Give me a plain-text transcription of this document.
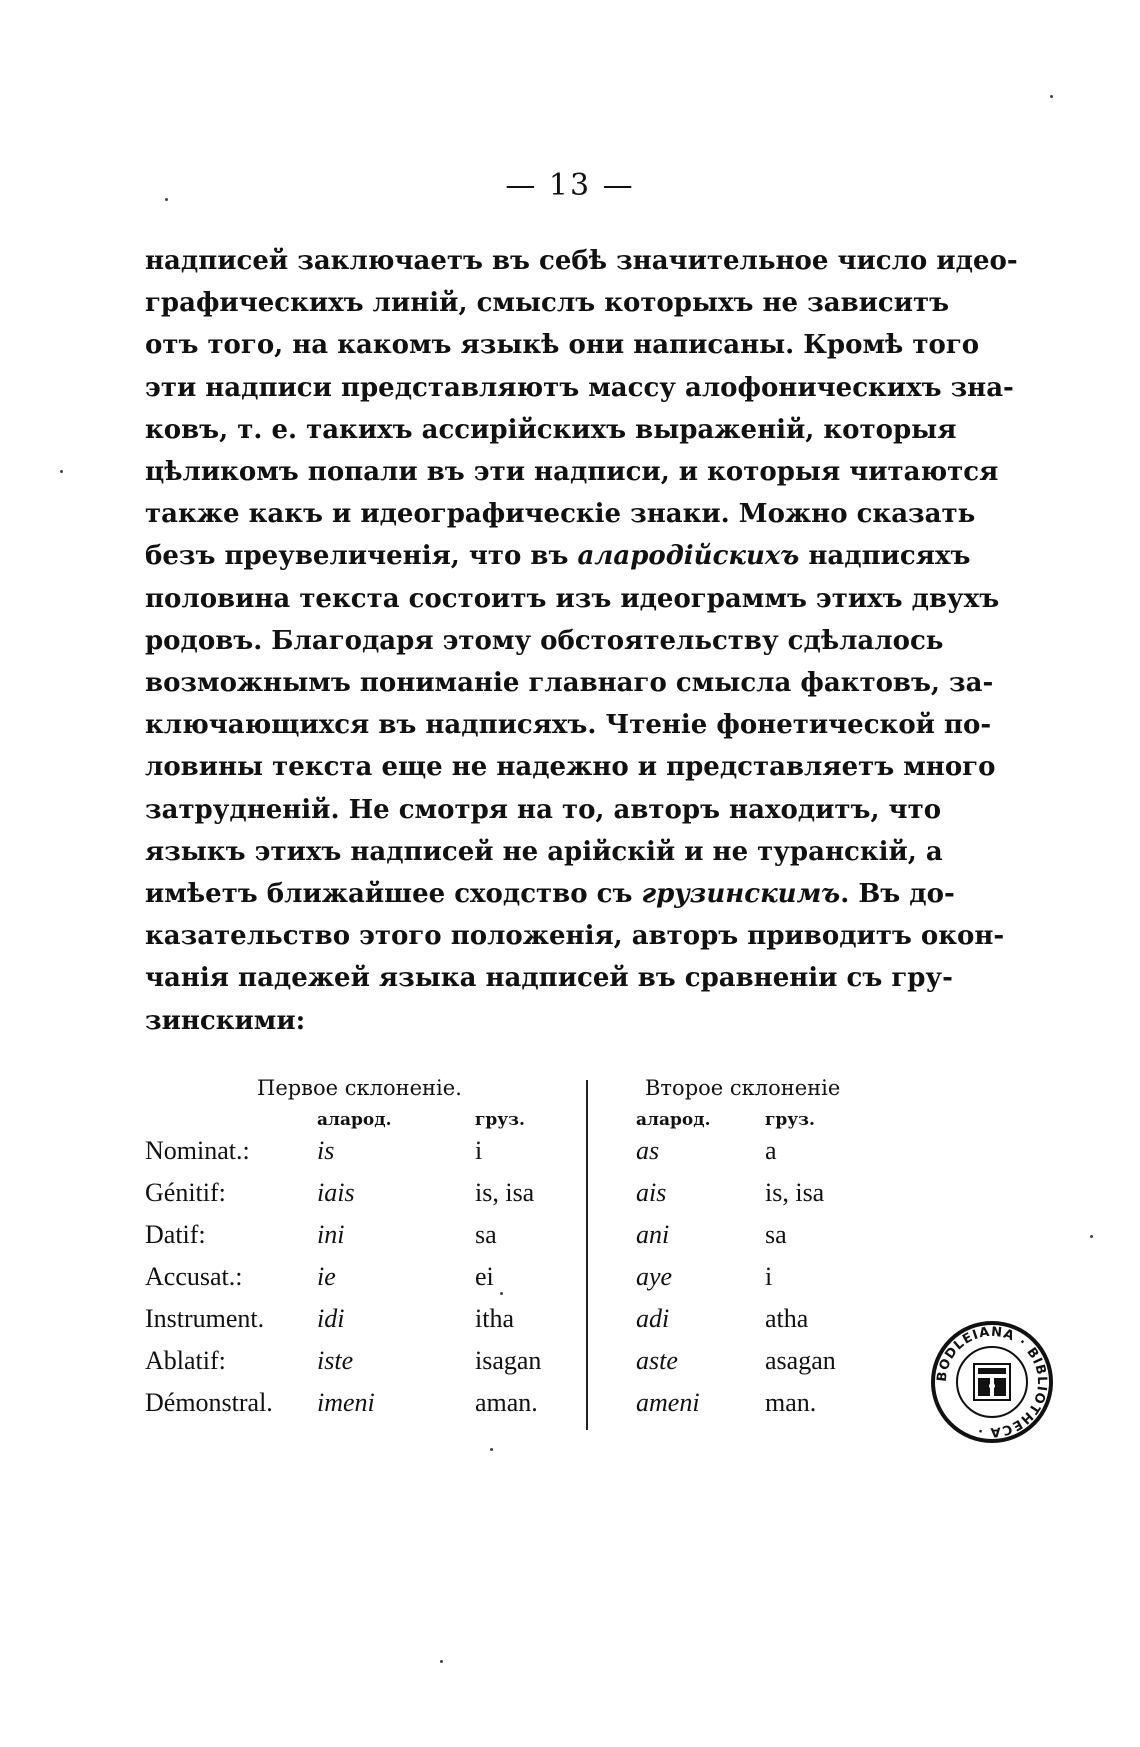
— 13 —
надписей заключаетъ въ себѣ значительное число идео-
графическихъ линій, смыслъ которыхъ не зависитъ
отъ того, на какомъ языкѣ они написаны. Кромѣ того
эти надписи представляютъ массу алофоническихъ зна-
ковъ, т. е. такихъ ассирійскихъ выраженій, которыя
цѣликомъ попали въ эти надписи, и которыя читаются
также какъ и идеографическіе знаки. Можно сказать
безъ преувеличенія, что въ алародійскихъ надписяхъ
половина текста состоитъ изъ идеограммъ этихъ двухъ
родовъ. Благодаря этому обстоятельству сдѣлалось
возможнымъ пониманіе главнаго смысла фактовъ, за-
ключающихся въ надписяхъ. Чтеніе фонетической по-
ловины текста еще не надежно и представляетъ много
затрудненій. Не смотря на то, авторъ находитъ, что
языкъ этихъ надписей не арійскій и не туранскій, а
имѣетъ ближайшее сходство съ грузинскимъ. Въ до-
казательство этого положенія, авторъ приводитъ окон-
чанія падежей языка надписей въ сравненіи съ гру-
зинскими:
Первое склоненіе.	Второе склоненіе
аларод.	груз.	аларод.	груз.
Nominat.:	is	i	as	a
Génitif:	iais	is, isa	ais	is, isa
Datif:	ini	sa	ani	sa
Accusat.:	ie	ei	aye	i
Instrument. idi	itha	adi	atha
Ablatif:	iste	isagan	aste	asagan
Démonstral. imeni	aman.	ameni	man.
BODLEIANA · BIBLIOTHECA ·
